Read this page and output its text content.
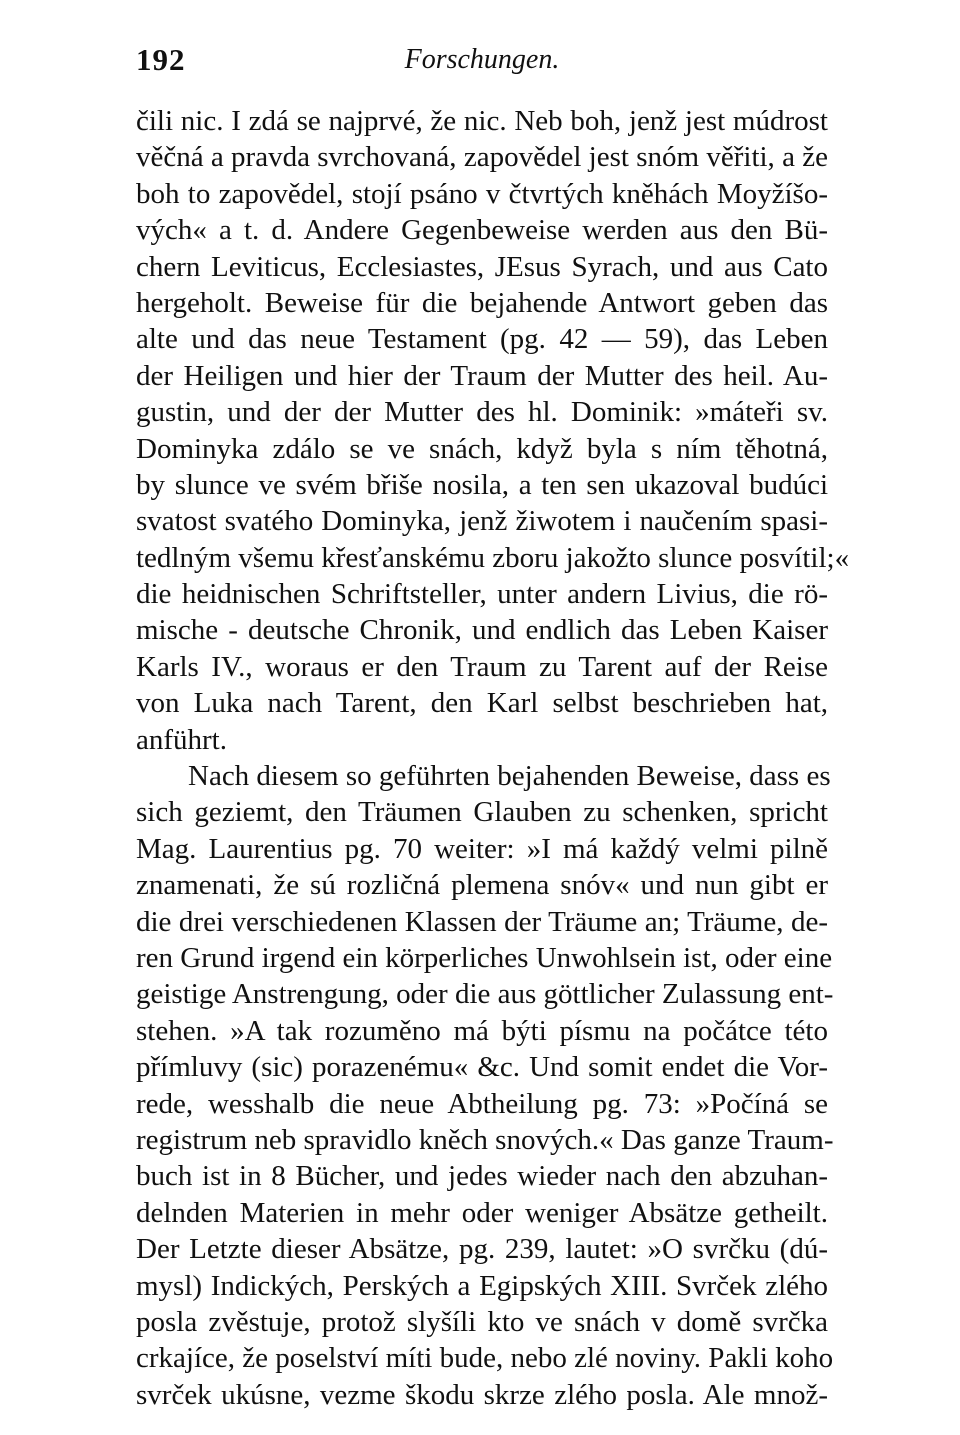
192	Forschungen.
čili nic. I zdá se najprvé, že nic. Neb boh, jenž jest múdrost
věčná a pravda svrchovaná, zapovědel jest snóm věřiti, a že
boh to zapovědel, stojí psáno v čtvrtých kněhách Moyžíšo-
vých« a t. d. Andere Gegenbeweise werden aus den Bü-
chern Leviticus, Ecclesiastes, JEsus Syrach, und aus Cato
hergeholt. Beweise für die bejahende Antwort geben das
alte und das neue Testament (pg. 42 — 59), das Leben
der Heiligen und hier der Traum der Mutter des heil. Au-
gustin, und der der Mutter des hl. Dominik: »máteři sv.
Dominyka zdálo se ve snách, když byla s ním těhotná,
by slunce ve svém břiše nosila, a ten sen ukazoval budúci
svatost svatého Dominyka, jenž žiwotem i naučením spasi-
tedlným všemu křesťanskému zboru jakožto slunce posvítil;«
die heidnischen Schriftsteller, unter andern Livius, die rö-
mische - deutsche Chronik, und endlich das Leben Kaiser
Karls IV., woraus er den Traum zu Tarent auf der Reise
von Luka nach Tarent, den Karl selbst beschrieben hat,
anführt.
Nach diesem so geführten bejahenden Beweise, dass es
sich geziemt, den Träumen Glauben zu schenken, spricht
Mag. Laurentius pg. 70 weiter: »I má každý velmi pilně
znamenati, že sú rozličná plemena snóv« und nun gibt er
die drei verschiedenen Klassen der Träume an; Träume, de-
ren Grund irgend ein körperliches Unwohlsein ist, oder eine
geistige Anstrengung, oder die aus göttlicher Zulassung ent-
stehen. »A tak rozuměno má býti písmu na počátce této
přímluvy (sic) porazenému« &c. Und somit endet die Vor-
rede, wesshalb die neue Abtheilung pg. 73: »Počíná se
registrum neb spravidlo kněch snových.« Das ganze Traum-
buch ist in 8 Bücher, und jedes wieder nach den abzuhan-
delnden Materien in mehr oder weniger Absätze getheilt.
Der Letzte dieser Absätze, pg. 239, lautet: »O svrčku (dú-
mysl) Indických, Perských a Egipských XIII. Svrček zlého
posla zvěstuje, protož slyšíli kto ve snách v domě svrčka
crkajíce, že poselství míti bude, nebo zlé noviny. Pakli koho
svrček ukúsne, vezme škodu skrze zlého posla. Ale množ-
